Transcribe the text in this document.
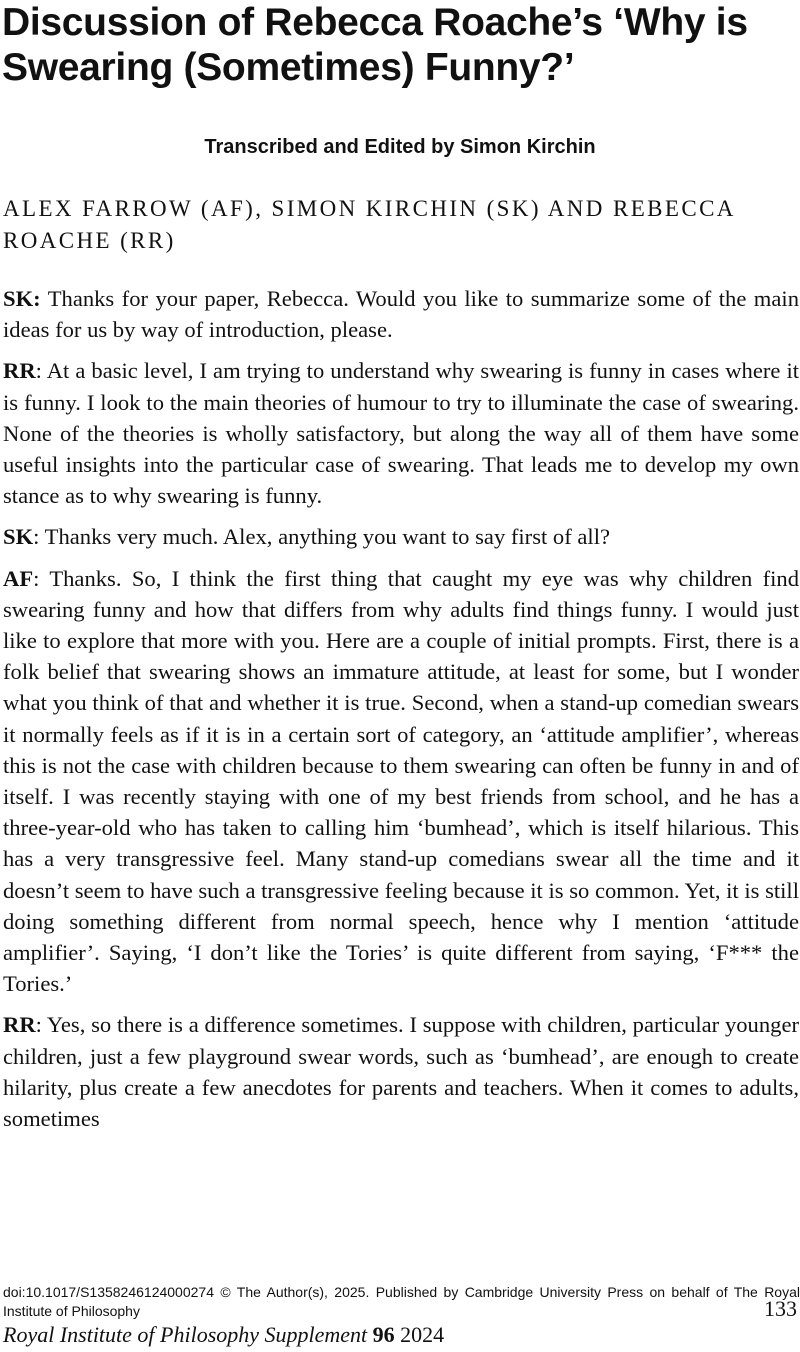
Discussion of Rebecca Roache’s ‘Why is Swearing (Sometimes) Funny?’
Transcribed and Edited by Simon Kirchin
ALEX FARROW (AF), SIMON KIRCHIN (SK) AND REBECCA ROACHE (RR)

SK: Thanks for your paper, Rebecca. Would you like to summarize some of the main ideas for us by way of introduction, please.

RR: At a basic level, I am trying to understand why swearing is funny in cases where it is funny. I look to the main theories of humour to try to illuminate the case of swearing. None of the theories is wholly satisfactory, but along the way all of them have some useful insights into the particular case of swearing. That leads me to develop my own stance as to why swearing is funny.

SK: Thanks very much. Alex, anything you want to say first of all?

AF: Thanks. So, I think the first thing that caught my eye was why children find swearing funny and how that differs from why adults find things funny. I would just like to explore that more with you. Here are a couple of initial prompts. First, there is a folk belief that swearing shows an immature attitude, at least for some, but I wonder what you think of that and whether it is true. Second, when a stand-up comedian swears it normally feels as if it is in a certain sort of category, an ‘attitude amplifier’, whereas this is not the case with children because to them swearing can often be funny in and of itself. I was recently staying with one of my best friends from school, and he has a three-year-old who has taken to calling him ‘bumhead’, which is itself hilarious. This has a very transgressive feel. Many stand-up comedians swear all the time and it doesn’t seem to have such a transgressive feeling because it is so common. Yet, it is still doing something different from normal speech, hence why I mention ‘attitude amplifier’. Saying, ‘I don’t like the Tories’ is quite different from saying, ‘F*** the Tories.’

RR: Yes, so there is a difference sometimes. I suppose with children, particular younger children, just a few playground swear words, such as ‘bumhead’, are enough to create hilarity, plus create a few anecdotes for parents and teachers. When it comes to adults, sometimes

doi:10.1017/S1358246124000274 © The Author(s), 2025. Published by Cambridge University Press on behalf of The Royal Institute of Philosophy	133
Royal Institute of Philosophy Supplement 96 2024
